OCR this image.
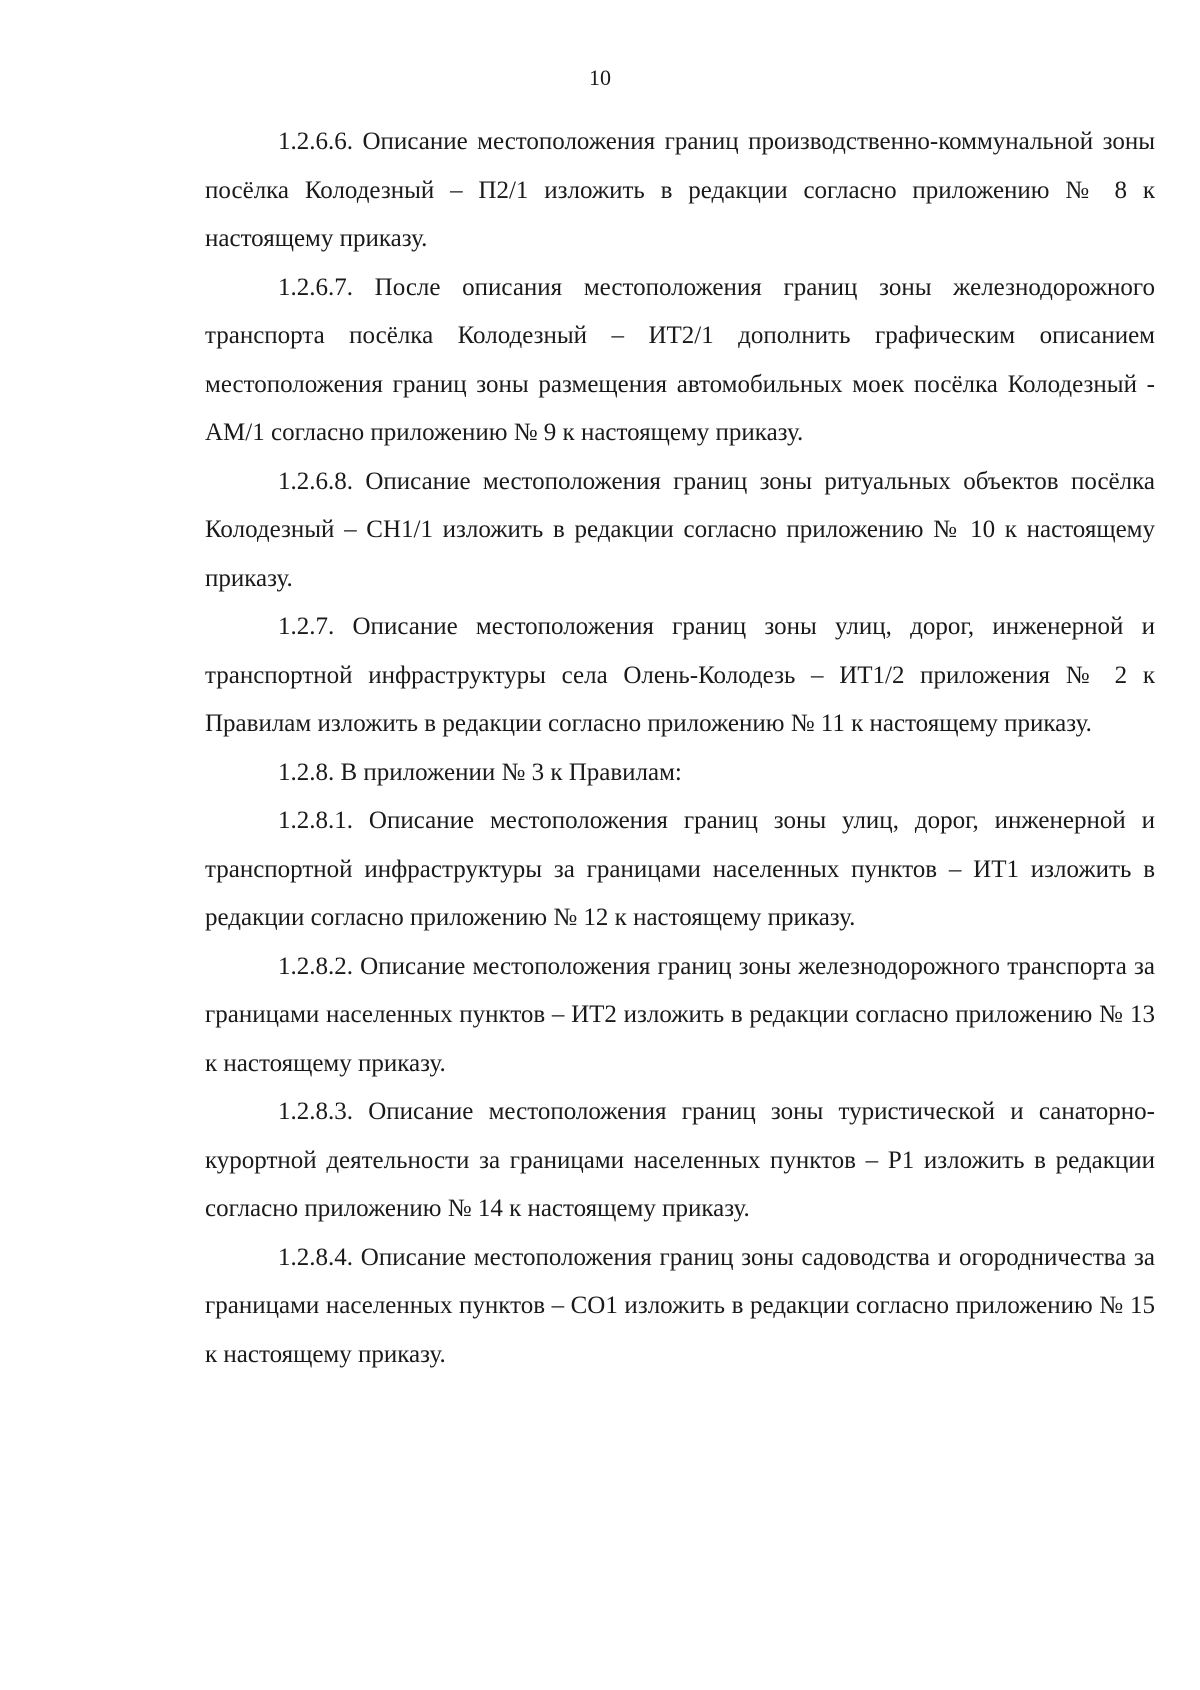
10

1.2.6.6. Описание местоположения границ производственно-коммунальной зоны посёлка Колодезный – П2/1 изложить в редакции согласно приложению № 8 к настоящему приказу.

1.2.6.7. После описания местоположения границ зоны железнодорожного транспорта посёлка Колодезный – ИТ2/1 дополнить графическим описанием местоположения границ зоны размещения автомобильных моек посёлка Колодезный - АМ/1 согласно приложению № 9 к настоящему приказу.

1.2.6.8. Описание местоположения границ зоны ритуальных объектов посёлка Колодезный – СН1/1 изложить в редакции согласно приложению № 10 к настоящему приказу.

1.2.7. Описание местоположения границ зоны улиц, дорог, инженерной и транспортной инфраструктуры села Олень-Колодезь – ИТ1/2 приложения № 2 к Правилам изложить в редакции согласно приложению № 11 к настоящему приказу.

1.2.8. В приложении № 3 к Правилам:

1.2.8.1. Описание местоположения границ зоны улиц, дорог, инженерной и транспортной инфраструктуры за границами населенных пунктов – ИТ1 изложить в редакции согласно приложению № 12 к настоящему приказу.

1.2.8.2. Описание местоположения границ зоны железнодорожного транспорта за границами населенных пунктов – ИТ2 изложить в редакции согласно приложению № 13 к настоящему приказу.

1.2.8.3. Описание местоположения границ зоны туристической и санаторно-курортной деятельности за границами населенных пунктов – Р1 изложить в редакции согласно приложению № 14 к настоящему приказу.

1.2.8.4. Описание местоположения границ зоны садоводства и огородничества за границами населенных пунктов – СО1 изложить в редакции согласно приложению № 15 к настоящему приказу.
